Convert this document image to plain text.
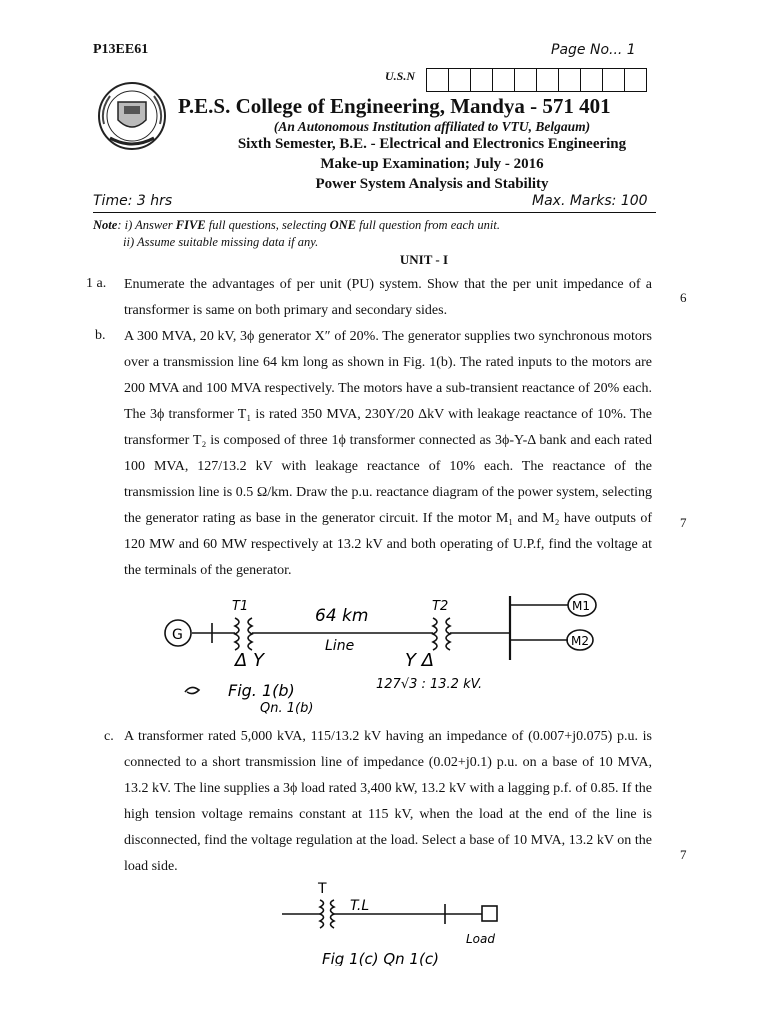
P13EE61	Page No... 1
U.S.N
P.E.S. College of Engineering, Mandya - 571 401
(An Autonomous Institution affiliated to VTU, Belgaum)
Sixth Semester, B.E. - Electrical and Electronics Engineering
Make-up Examination; July - 2016
Power System Analysis and Stability
Time: 3 hrs	Max. Marks: 100
Note: i) Answer FIVE full questions, selecting ONE full question from each unit.
ii) Assume suitable missing data if any.
UNIT - I
1 a. Enumerate the advantages of per unit (PU) system. Show that the per unit impedance of a transformer is same on both primary and secondary sides.
6
b. A 300 MVA, 20 kV, 3ϕ generator X″ of 20%. The generator supplies two synchronous motors over a transmission line 64 km long as shown in Fig. 1(b). The rated inputs to the motors are 200 MVA and 100 MVA respectively. The motors have a sub-transient reactance of 20% each. The 3ϕ transformer T₁ is rated 350 MVA, 230Y/20 ΔkV with leakage reactance of 10%. The transformer T₂ is composed of three 1ϕ transformer connected as 3ϕ-Y-Δ bank and each rated 100 MVA, 127/13.2 kV with leakage reactance of 10% each. The reactance of the transmission line is 0.5 Ω/km. Draw the p.u. reactance diagram of the power system, selecting the generator rating as base in the generator circuit. If the motor M₁ and M₂ have outputs of 120 MW and 60 MW respectively at 13.2 kV and both operating of U.P.f, find the voltage at the terminals of the generator.
7
G
T1	64 km
Line
T2	M1
M2
Δ Y	Y Δ
127√3 : 13.2 kV.
Fig. 1(b)
Qn. 1(b)
c. A transformer rated 5,000 kVA, 115/13.2 kV having an impedance of (0.007+j0.075) p.u. is connected to a short transmission line of impedance (0.02+j0.1) p.u. on a base of 10 MVA, 13.2 kV. The line supplies a 3ϕ load rated 3,400 kW, 13.2 kV with a lagging p.f. of 0.85. If the high tension voltage remains constant at 115 kV, when the load at the end of the line is disconnected, find the voltage regulation at the load. Select a base of 10 MVA, 13.2 kV on the load side.
7
T
T.L
Load
Fig 1(c) Qn 1(c)
